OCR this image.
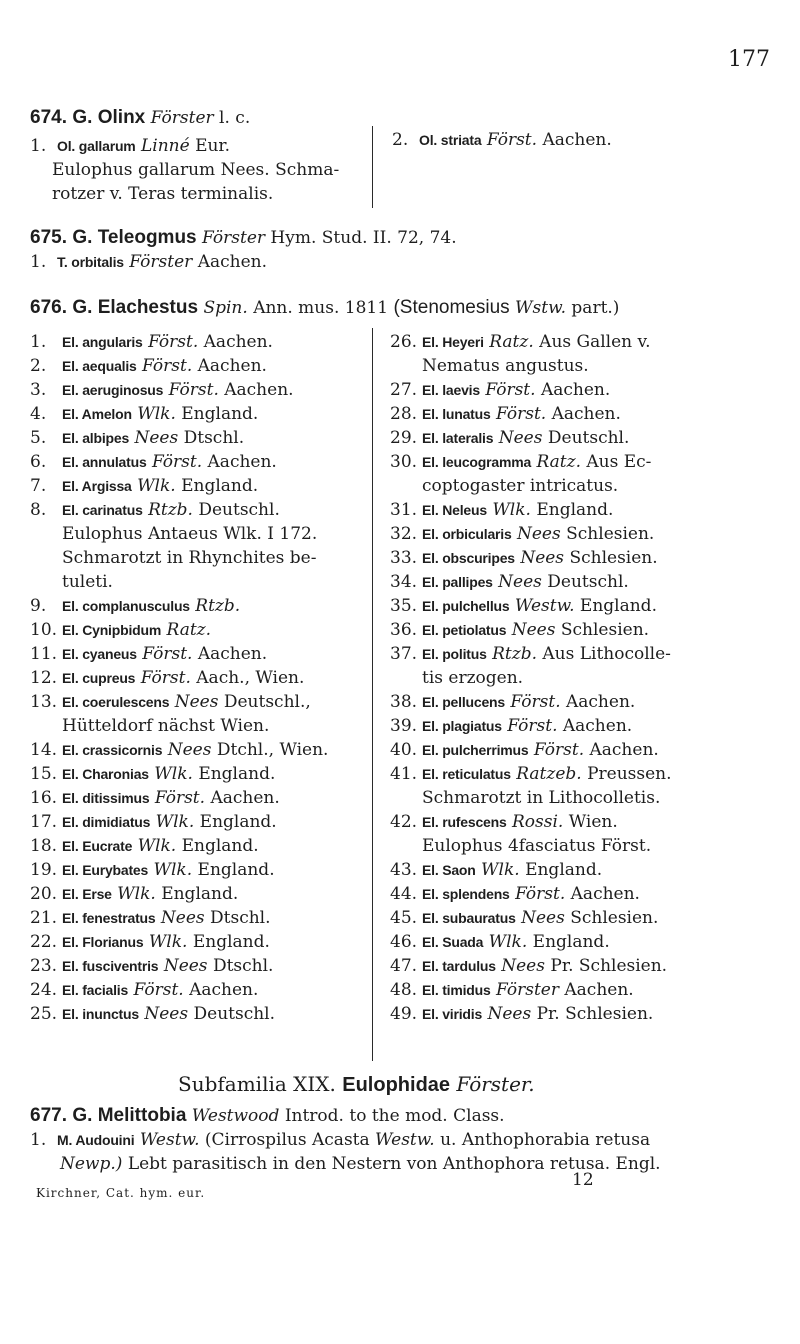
177
674. G. Olinx Förster l. c.
1. Ol. gallarum Linné Eur.
Eulophus gallarum Nees. Schma-
rotzer v. Teras terminalis.
2. Ol. striata Först. Aachen.
675. G. Teleogmus Förster Hym. Stud. II. 72, 74.
1. T. orbitalis Förster Aachen.
676. G. Elachestus Spin. Ann. mus. 1811 (Stenomesius Wstw. part.)
1. El. angularis Först. Aachen.
2. El. aequalis Först. Aachen.
3. El. aeruginosus Först. Aachen.
4. El. Amelon Wlk. England.
5. El. albipes Nees Dtschl.
6. El. annulatus Först. Aachen.
7. El. Argissa Wlk. England.
8. El. carinatus Rtzb. Deutschl.
Eulophus Antaeus Wlk. I 172.
Schmarotzt in Rhynchites be-
tuleti.
9. El. complanusculus Rtzb.
10. El. Cynipbidum Ratz.
11. El. cyaneus Först. Aachen.
12. El. cupreus Först. Aach., Wien.
13. El. coerulescens Nees Deutschl.,
Hütteldorf nächst Wien.
14. El. crassicornis Nees Dtchl., Wien.
15. El. Charonias Wlk. England.
16. El. ditissimus Först. Aachen.
17. El. dimidiatus Wlk. England.
18. El. Eucrate Wlk. England.
19. El. Eurybates Wlk. England.
20. El. Erse Wlk. England.
21. El. fenestratus Nees Dtschl.
22. El. Florianus Wlk. England.
23. El. fusciventris Nees Dtschl.
24. El. facialis Först. Aachen.
25. El. inunctus Nees Deutschl.
26. El. Heyeri Ratz. Aus Gallen v.
Nematus angustus.
27. El. laevis Först. Aachen.
28. El. lunatus Först. Aachen.
29. El. lateralis Nees Deutschl.
30. El. leucogramma Ratz. Aus Ec-
coptogaster intricatus.
31. El. Neleus Wlk. England.
32. El. orbicularis Nees Schlesien.
33. El. obscuripes Nees Schlesien.
34. El. pallipes Nees Deutschl.
35. El. pulchellus Westw. England.
36. El. petiolatus Nees Schlesien.
37. El. politus Rtzb. Aus Lithocolle-
tis erzogen.
38. El. pellucens Först. Aachen.
39. El. plagiatus Först. Aachen.
40. El. pulcherrimus Först. Aachen.
41. El. reticulatus Ratzeb. Preussen.
Schmarotzt in Lithocolletis.
42. El. rufescens Rossi. Wien.
Eulophus 4fasciatus Först.
43. El. Saon Wlk. England.
44. El. splendens Först. Aachen.
45. El. subauratus Nees Schlesien.
46. El. Suada Wlk. England.
47. El. tardulus Nees Pr. Schlesien.
48. El. timidus Förster Aachen.
49. El. viridis Nees Pr. Schlesien.
Subfamilia XIX. Eulophidae Förster.
677. G. Melittobia Westwood Introd. to the mod. Class.
1. M. Audouini Westw. (Cirrospilus Acasta Westw. u. Anthophorabia retusa
Newp.) Lebt parasitisch in den Nestern von Anthophora retusa. Engl.
Kirchner, Cat. hym. eur.
12
